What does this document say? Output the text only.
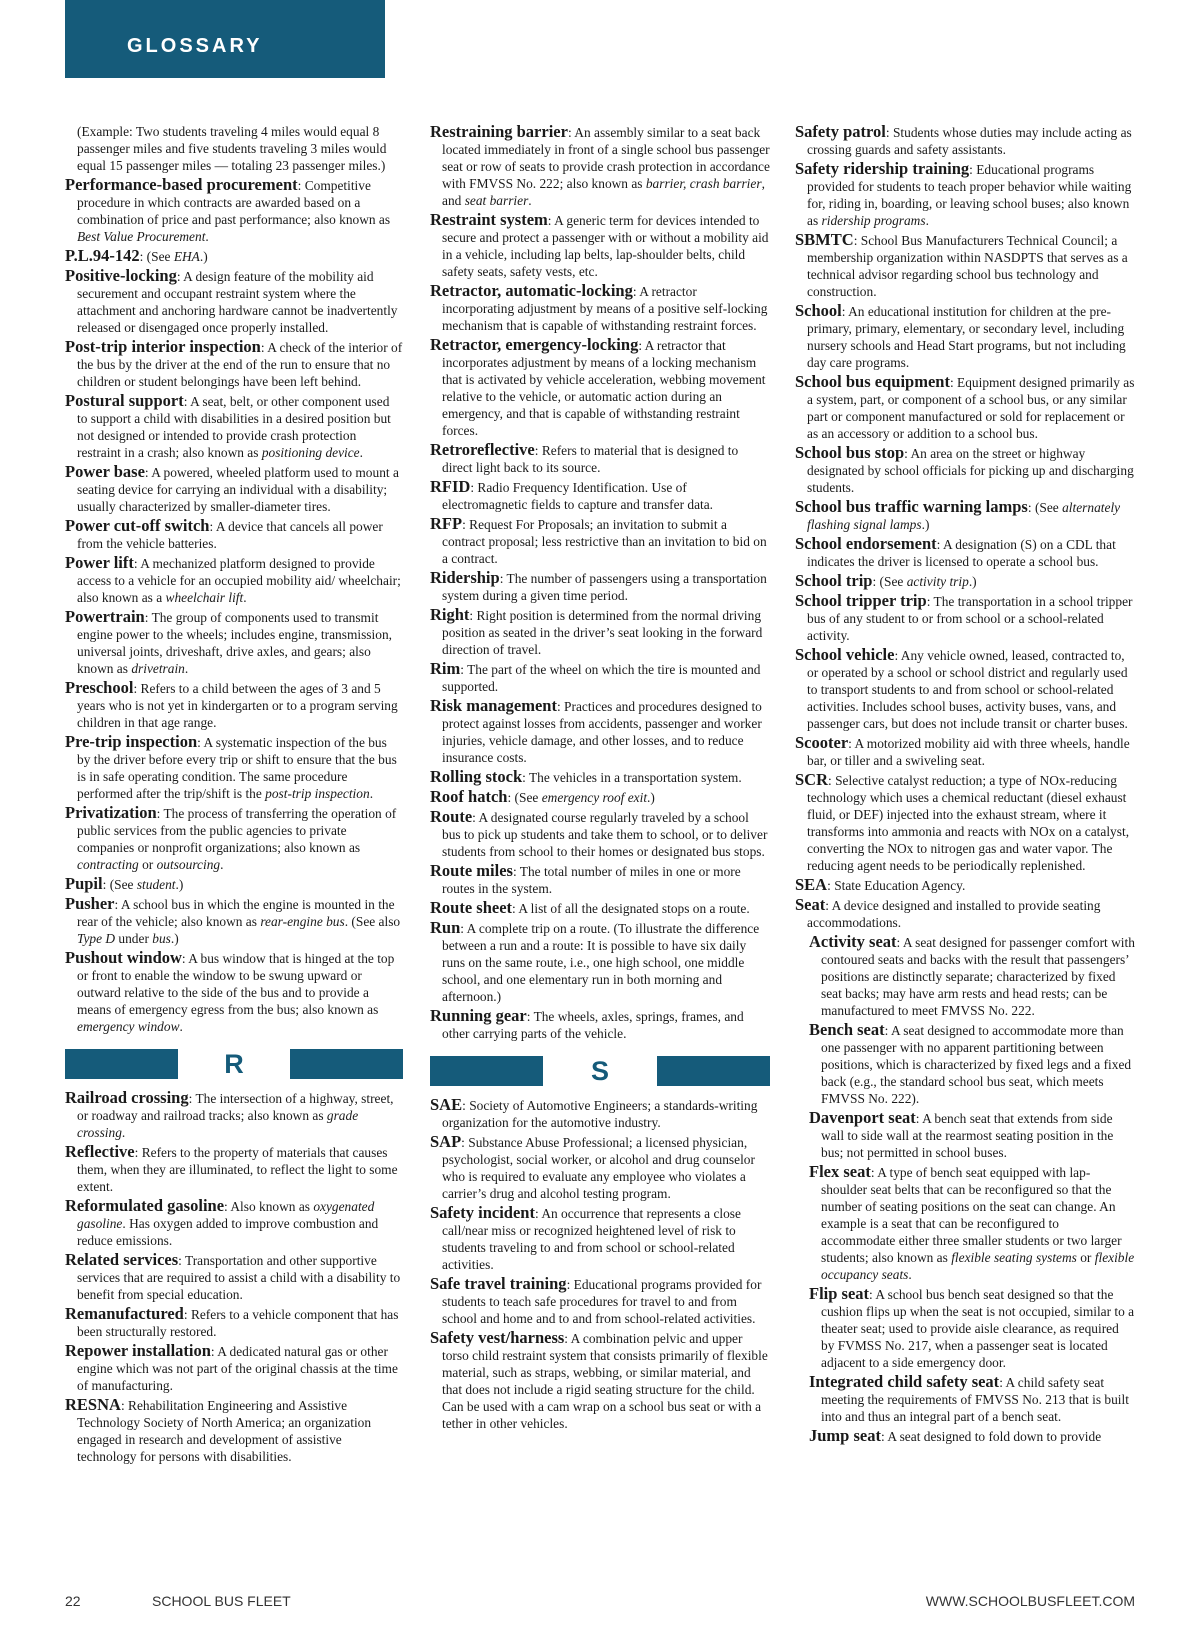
GLOSSARY

(Example: Two students traveling 4 miles would equal 8 passenger miles and five students traveling 3 miles would equal 15 passenger miles — totaling 23 passenger miles.)

Performance-based procurement: Competitive procedure in which contracts are awarded based on a combination of price and past performance; also known as Best Value Procurement.

P.L.94-142: (See EHA.)

Positive-locking: A design feature of the mobility aid securement and occupant restraint system where the attachment and anchoring hardware cannot be inadvertently released or disengaged once properly installed.

Post-trip interior inspection: A check of the interior of the bus by the driver at the end of the run to ensure that no children or student belongings have been left behind.

Postural support: A seat, belt, or other component used to support a child with disabilities in a desired position but not designed or intended to provide crash protection restraint in a crash; also known as positioning device.

Power base: A powered, wheeled platform used to mount a seating device for carrying an individual with a disability; usually characterized by smaller-diameter tires.

Power cut-off switch: A device that cancels all power from the vehicle batteries.

Power lift: A mechanized platform designed to provide access to a vehicle for an occupied mobility aid/ wheelchair; also known as a wheelchair lift.

Powertrain: The group of components used to transmit engine power to the wheels; includes engine, transmission, universal joints, driveshaft, drive axles, and gears; also known as drivetrain.

Preschool: Refers to a child between the ages of 3 and 5 years who is not yet in kindergarten or to a program serving children in that age range.

Pre-trip inspection: A systematic inspection of the bus by the driver before every trip or shift to ensure that the bus is in safe operating condition. The same procedure performed after the trip/shift is the post-trip inspection.

Privatization: The process of transferring the operation of public services from the public agencies to private companies or nonprofit organizations; also known as contracting or outsourcing.

Pupil: (See student.)

Pusher: A school bus in which the engine is mounted in the rear of the vehicle; also known as rear-engine bus. (See also Type D under bus.)

Pushout window: A bus window that is hinged at the top or front to enable the window to be swung upward or outward relative to the side of the bus and to provide a means of emergency egress from the bus; also known as emergency window.

R

Railroad crossing: The intersection of a highway, street, or roadway and railroad tracks; also known as grade crossing.

Reflective: Refers to the property of materials that causes them, when they are illuminated, to reflect the light to some extent.

Reformulated gasoline: Also known as oxygenated gasoline. Has oxygen added to improve combustion and reduce emissions.

Related services: Transportation and other supportive services that are required to assist a child with a disability to benefit from special education.

Remanufactured: Refers to a vehicle component that has been structurally restored.

Repower installation: A dedicated natural gas or other engine which was not part of the original chassis at the time of manufacturing.

RESNA: Rehabilitation Engineering and Assistive Technology Society of North America; an organization engaged in research and development of assistive technology for persons with disabilities.

Restraining barrier: An assembly similar to a seat back located immediately in front of a single school bus passenger seat or row of seats to provide crash protection in accordance with FMVSS No. 222; also known as barrier, crash barrier, and seat barrier.

Restraint system: A generic term for devices intended to secure and protect a passenger with or without a mobility aid in a vehicle, including lap belts, lap-shoulder belts, child safety seats, safety vests, etc.

Retractor, automatic-locking: A retractor incorporating adjustment by means of a positive self-locking mechanism that is capable of withstanding restraint forces.

Retractor, emergency-locking: A retractor that incorporates adjustment by means of a locking mechanism that is activated by vehicle acceleration, webbing movement relative to the vehicle, or automatic action during an emergency, and that is capable of withstanding restraint forces.

Retroreflective: Refers to material that is designed to direct light back to its source.

RFID: Radio Frequency Identification. Use of electromagnetic fields to capture and transfer data.

RFP: Request For Proposals; an invitation to submit a contract proposal; less restrictive than an invitation to bid on a contract.

Ridership: The number of passengers using a transportation system during a given time period.

Right: Right position is determined from the normal driving position as seated in the driver’s seat looking in the forward direction of travel.

Rim: The part of the wheel on which the tire is mounted and supported.

Risk management: Practices and procedures designed to protect against losses from accidents, passenger and worker injuries, vehicle damage, and other losses, and to reduce insurance costs.

Rolling stock: The vehicles in a transportation system.

Roof hatch: (See emergency roof exit.)

Route: A designated course regularly traveled by a school bus to pick up students and take them to school, or to deliver students from school to their homes or designated bus stops.

Route miles: The total number of miles in one or more routes in the system.

Route sheet: A list of all the designated stops on a route.

Run: A complete trip on a route. (To illustrate the difference between a run and a route: It is possible to have six daily runs on the same route, i.e., one high school, one middle school, and one elementary run in both morning and afternoon.)

Running gear: The wheels, axles, springs, frames, and other carrying parts of the vehicle.

S

SAE: Society of Automotive Engineers; a standards-writing organization for the automotive industry.

SAP: Substance Abuse Professional; a licensed physician, psychologist, social worker, or alcohol and drug counselor who is required to evaluate any employee who violates a carrier’s drug and alcohol testing program.

Safety incident: An occurrence that represents a close call/near miss or recognized heightened level of risk to students traveling to and from school or school-related activities.

Safe travel training: Educational programs provided for students to teach safe procedures for travel to and from school and home and to and from school-related activities.

Safety vest/harness: A combination pelvic and upper torso child restraint system that consists primarily of flexible material, such as straps, webbing, or similar material, and that does not include a rigid seating structure for the child. Can be used with a cam wrap on a school bus seat or with a tether in other vehicles.

Safety patrol: Students whose duties may include acting as crossing guards and safety assistants.

Safety ridership training: Educational programs provided for students to teach proper behavior while waiting for, riding in, boarding, or leaving school buses; also known as ridership programs.

SBMTC: School Bus Manufacturers Technical Council; a membership organization within NASDPTS that serves as a technical advisor regarding school bus technology and construction.

School: An educational institution for children at the pre-primary, primary, elementary, or secondary level, including nursery schools and Head Start programs, but not including day care programs.

School bus equipment: Equipment designed primarily as a system, part, or component of a school bus, or any similar part or component manufactured or sold for replacement or as an accessory or addition to a school bus.

School bus stop: An area on the street or highway designated by school officials for picking up and discharging students.

School bus traffic warning lamps: (See alternately flashing signal lamps.)

School endorsement: A designation (S) on a CDL that indicates the driver is licensed to operate a school bus.

School trip: (See activity trip.)

School tripper trip: The transportation in a school tripper bus of any student to or from school or a school-related activity.

School vehicle: Any vehicle owned, leased, contracted to, or operated by a school or school district and regularly used to transport students to and from school or school-related activities. Includes school buses, activity buses, vans, and passenger cars, but does not include transit or charter buses.

Scooter: A motorized mobility aid with three wheels, handle bar, or tiller and a swiveling seat.

SCR: Selective catalyst reduction; a type of NOx-reducing technology which uses a chemical reductant (diesel exhaust fluid, or DEF) injected into the exhaust stream, where it transforms into ammonia and reacts with NOx on a catalyst, converting the NOx to nitrogen gas and water vapor. The reducing agent needs to be periodically replenished.

SEA: State Education Agency.

Seat: A device designed and installed to provide seating accommodations.

Activity seat: A seat designed for passenger comfort with contoured seats and backs with the result that passengers’ positions are distinctly separate; characterized by fixed seat backs; may have arm rests and head rests; can be manufactured to meet FMVSS No. 222.

Bench seat: A seat designed to accommodate more than one passenger with no apparent partitioning between positions, which is characterized by fixed legs and a fixed back (e.g., the standard school bus seat, which meets FMVSS No. 222).

Davenport seat: A bench seat that extends from side wall to side wall at the rearmost seating position in the bus; not permitted in school buses.

Flex seat: A type of bench seat equipped with lap-shoulder seat belts that can be reconfigured so that the number of seating positions on the seat can change. An example is a seat that can be reconfigured to accommodate either three smaller students or two larger students; also known as flexible seating systems or flexible occupancy seats.

Flip seat: A school bus bench seat designed so that the cushion flips up when the seat is not occupied, similar to a theater seat; used to provide aisle clearance, as required by FVMSS No. 217, when a passenger seat is located adjacent to a side emergency door.

Integrated child safety seat: A child safety seat meeting the requirements of FMVSS No. 213 that is built into and thus an integral part of a bench seat.

Jump seat: A seat designed to fold down to provide

22	SCHOOL BUS FLEET	WWW.SCHOOLBUSFLEET.COM
